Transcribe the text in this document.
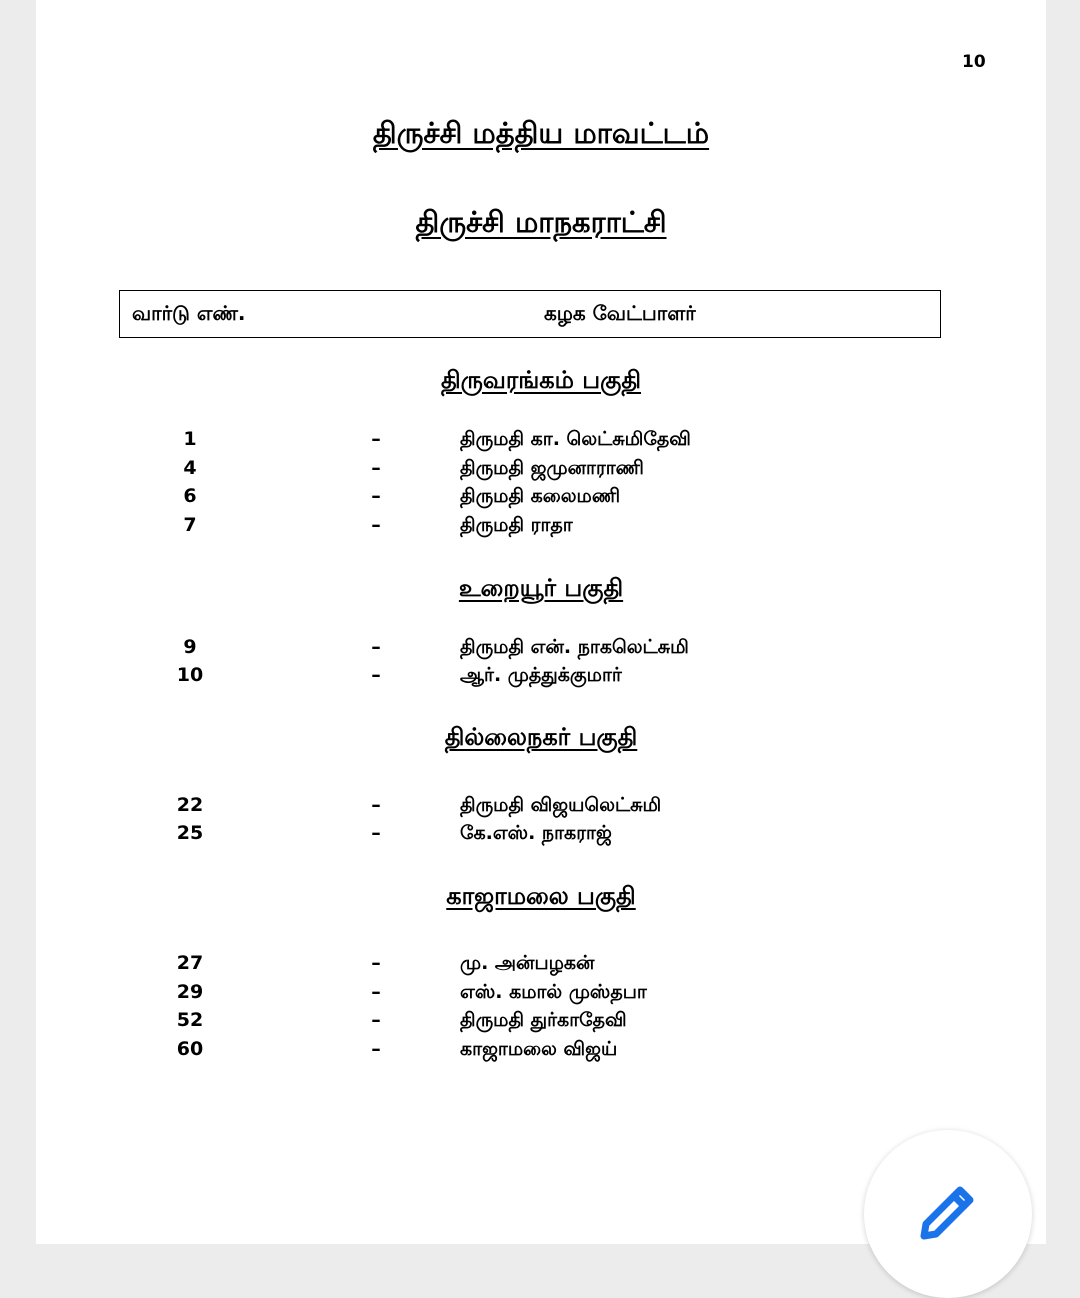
10
திருச்சி மத்திய மாவட்டம்
திருச்சி மாநகராட்சி
வார்டு எண்.	கழக வேட்பாளர்
திருவரங்கம் பகுதி
1	–	திருமதி கா. லெட்சுமிதேவி
4	–	திருமதி ஜமுனாராணி
6	–	திருமதி கலைமணி
7	–	திருமதி ராதா
உறையூர் பகுதி
9	–	திருமதி என். நாகலெட்சுமி
10	–	ஆர். முத்துக்குமார்
தில்லைநகர் பகுதி
22	–	திருமதி விஜயலெட்சுமி
25	–	கே.எஸ். நாகராஜ்
காஜாமலை பகுதி
27	–	மு. அன்பழகன்
29	–	எஸ். கமால் முஸ்தபா
52	–	திருமதி துர்காதேவி
60	–	காஜாமலை விஜய்
